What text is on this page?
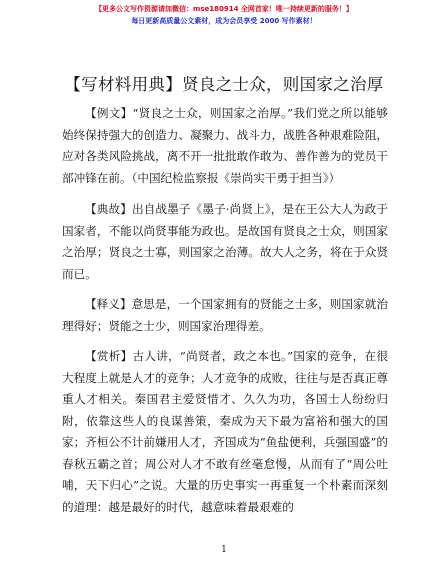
【更多公文写作资源请加微信：mse180914 全网首家！唯一持续更新的服务！】
每日更新高质量公文素材，成为会员享受 2000 写作素材！
【写材料用典】贤良之士众，则国家之治厚

【例文】“贤良之士众，则国家之治厚。”我们党之所以能够始终保持强大的创造力、凝聚力、战斗力，战胜各种艰难险阻，应对各类风险挑战，离不开一批批敢作敢为、善作善为的党员干部冲锋在前。（中国纪检监察报《崇尚实干勇于担当》）

【典故】出自战墨子《墨子·尚贤上》，是在王公大人为政于国家者，不能以尚贤事能为政也。是故国有贤良之士众，则国家之治厚；贤良之士寡，则国家之治薄。故大人之务，将在于众贤而已。

【释义】意思是，一个国家拥有的贤能之士多，则国家就治理得好；贤能之士少，则国家治理得差。

【赏析】古人讲，“尚贤者，政之本也。”国家的竞争，在很大程度上就是人才的竞争；人才竞争的成败，往往与是否真正尊重人才相关。秦国君主爱贤惜才、久久为功，各国士人纷纷归附，依靠这些人的良谋善策，秦成为天下最为富裕和强大的国家；齐桓公不计前嫌用人才，齐国成为“鱼盐便利，兵强国盛”的春秋五霸之首；周公对人才不敢有丝毫怠慢，从而有了“周公吐哺，天下归心”之说。大量的历史事实一再重复一个朴素而深刻的道理：越是最好的时代，越意味着最艰难的

1
